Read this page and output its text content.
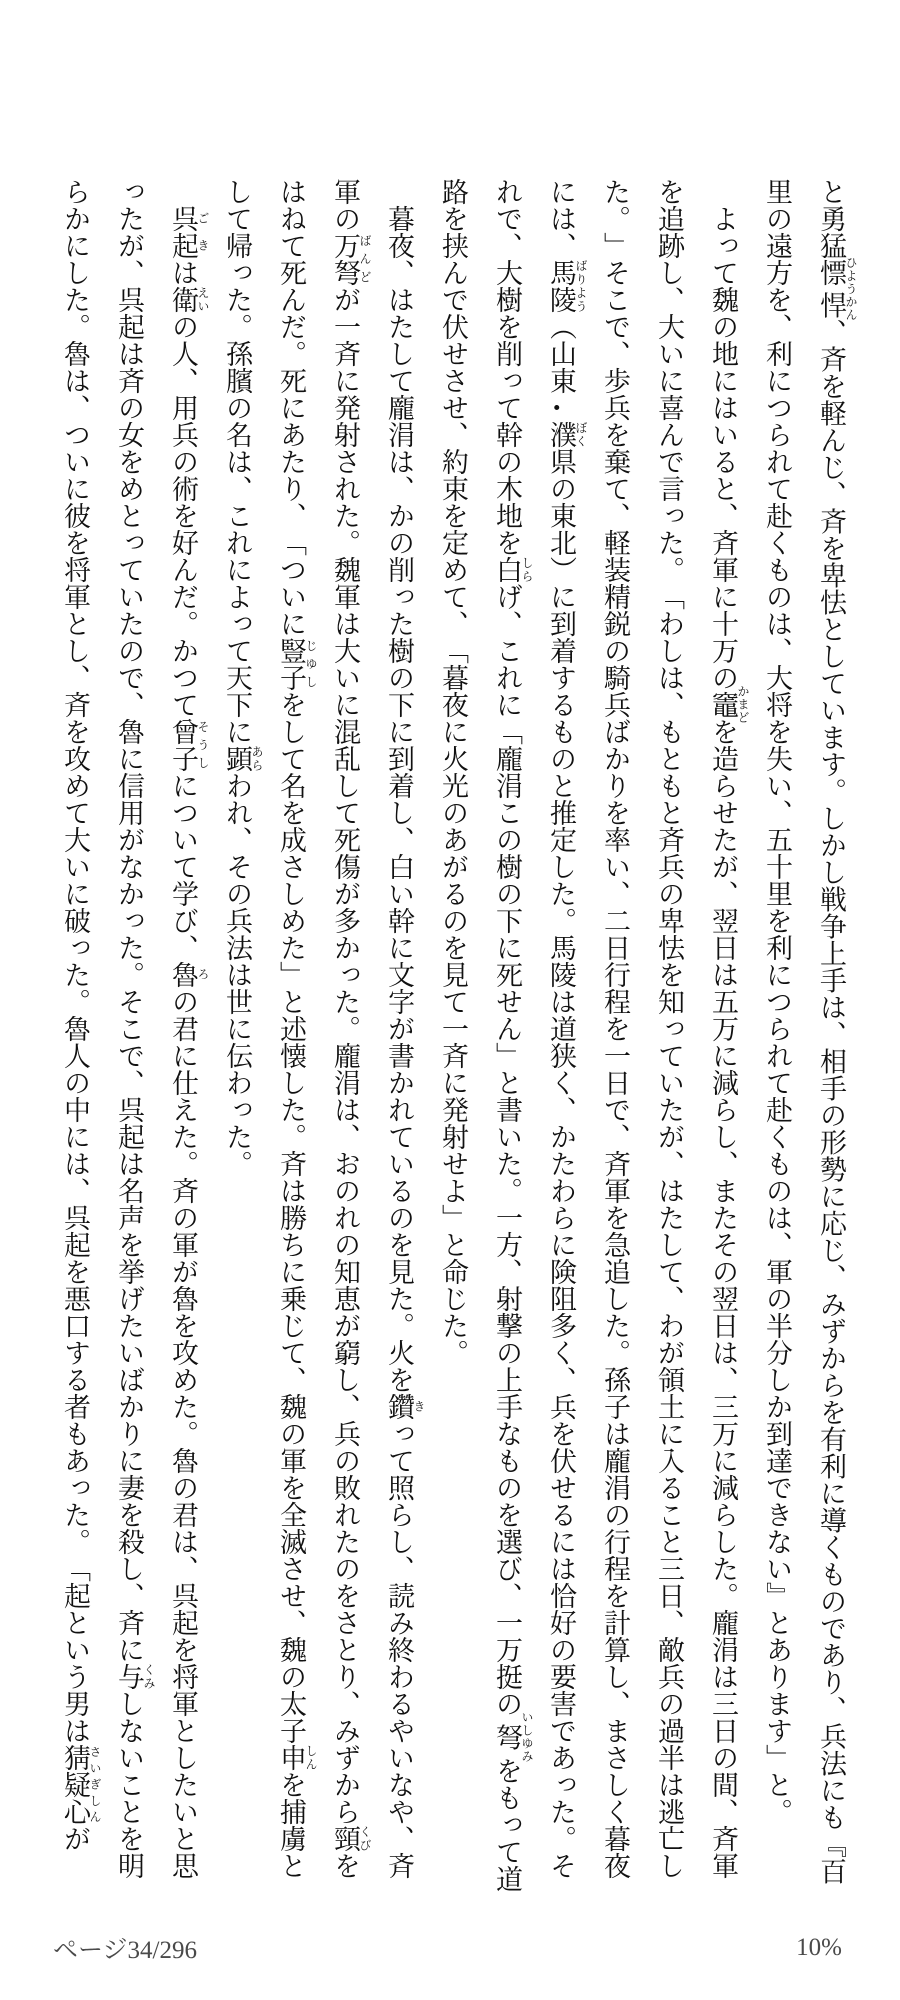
と勇猛慓悍ひようかん、斉を軽んじ、斉を卑怯としています。しかし戦争上手は、相手の形勢に応じ、みずからを有利に導くものであり、兵法にも『百里の遠方を、利につられて赴くものは、大将を失い、五十里を利につられて赴くものは、軍の半分しか到達できない』とあります」と。

　よって魏の地にはいると、斉軍に十万の竈かまどを造らせたが、翌日は五万に減らし、またその翌日は、三万に減らした。龐涓は三日の間、斉軍を追跡し、大いに喜んで言った。「わしは、もともと斉兵の卑怯を知っていたが、はたして、わが領土に入ること三日、敵兵の過半は逃亡した。」そこで、歩兵を棄て、軽装精鋭の騎兵ばかりを率い、二日行程を一日で、斉軍を急追した。孫子は龐涓の行程を計算し、まさしく暮夜には、馬陵ばりよう（山東・濮ぼく県の東北）に到着するものと推定した。馬陵は道狭く、かたわらに険阻多く、兵を伏せるには恰好の要害であった。それで、大樹を削って幹の木地を白しらげ、これに「龐涓この樹の下に死せん」と書いた。一方、射撃の上手なものを選び、一万挺の弩いしゆみをもって道路を挟んで伏せさせ、約束を定めて、「暮夜に火光のあがるのを見て一斉に発射せよ」と命じた。

　暮夜、はたして龐涓は、かの削った樹の下に到着し、白い幹に文字が書かれているのを見た。火を鑽きって照らし、読み終わるやいなや、斉軍の万弩ばんどが一斉に発射された。魏軍は大いに混乱して死傷が多かった。龐涓は、おのれの知恵が窮し、兵の敗れたのをさとり、みずから頸くびをはねて死んだ。死にあたり、「ついに豎子じゆしをして名を成さしめた」と述懐した。斉は勝ちに乗じて、魏の軍を全滅させ、魏の太子申しんを捕虜として帰った。孫臏の名は、これによって天下に顕あらわれ、その兵法は世に伝わった。

　呉起ごきは衛えいの人、用兵の術を好んだ。かつて曾子そうしについて学び、魯ろの君に仕えた。斉の軍が魯を攻めた。魯の君は、呉起を将軍としたいと思ったが、呉起は斉の女をめとっていたので、魯に信用がなかった。そこで、呉起は名声を挙げたいばかりに妻を殺し、斉に与くみしないことを明らかにした。魯は、ついに彼を将軍とし、斉を攻めて大いに破った。魯人の中には、呉起を悪口する者もあった。「起という男は猜疑心さいぎしんが

ページ34/296	10%
